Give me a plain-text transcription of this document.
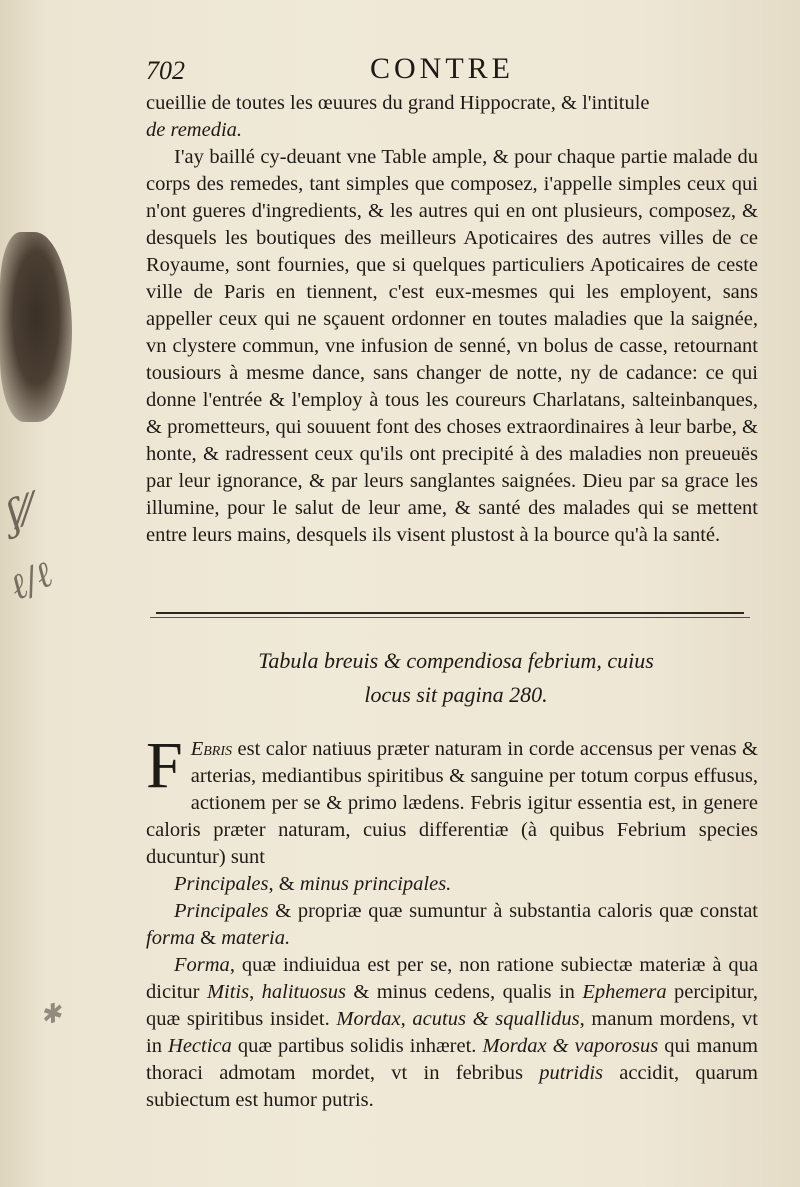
ʃ⁄⁄
ℓ∕ℓ
✱
702	CONTRE

cueillie de toutes les œuures du grand Hippocrate, & l'intitule

de remedia.

I'ay baillé cy-deuant vne Table ample, & pour chaque partie malade du corps des remedes, tant simples que composez, i'appelle simples ceux qui n'ont gueres d'ingredients, & les autres qui en ont plusieurs, composez, & desquels les boutiques des meilleurs Apoticaires des autres villes de ce Royaume, sont fournies, que si quelques particuliers Apoticaires de ceste ville de Paris en tiennent, c'est eux-mesmes qui les employent, sans appeller ceux qui ne sçauent ordonner en toutes maladies que la saignée, vn clystere commun, vne infusion de senné, vn bolus de casse, retournant tousiours à mesme dance, sans changer de notte, ny de cadance: ce qui donne l'entrée & l'employ à tous les coureurs Charlatans, salteinbanques, & prometteurs, qui souuent font des choses extraordinaires à leur barbe, & honte, & radressent ceux qu'ils ont precipité à des maladies non preueuës par leur ignorance, & par leurs sanglantes saignées. Dieu par sa grace les illumine, pour le salut de leur ame, & santé des malades qui se mettent entre leurs mains, desquels ils visent plustost à la bource qu'à la santé.

Tabula breuis & compendiosa febrium, cuius
locus sit pagina 280.

F Ebris est calor natiuus præter naturam in corde accensus per venas & arterias, mediantibus spiritibus & sanguine per totum corpus effusus, actionem per se & primo lædens. Febris igitur essentia est, in genere caloris præter naturam, cuius differentiæ (à quibus Febrium species ducuntur) sunt

Principales, & minus principales.

Principales & propriæ quæ sumuntur à substantia caloris quæ constat forma & materia.

Forma, quæ indiuidua est per se, non ratione subiectæ materiæ à qua dicitur Mitis, halituosus & minus cedens, qualis in Ephemera percipitur, quæ spiritibus insidet. Mordax, acutus & squallidus, manum mordens, vt in Hectica quæ partibus solidis inhæret. Mordax & vaporosus qui manum thoraci admotam mordet, vt in febribus putridis accidit, quarum subiectum est humor putris.
